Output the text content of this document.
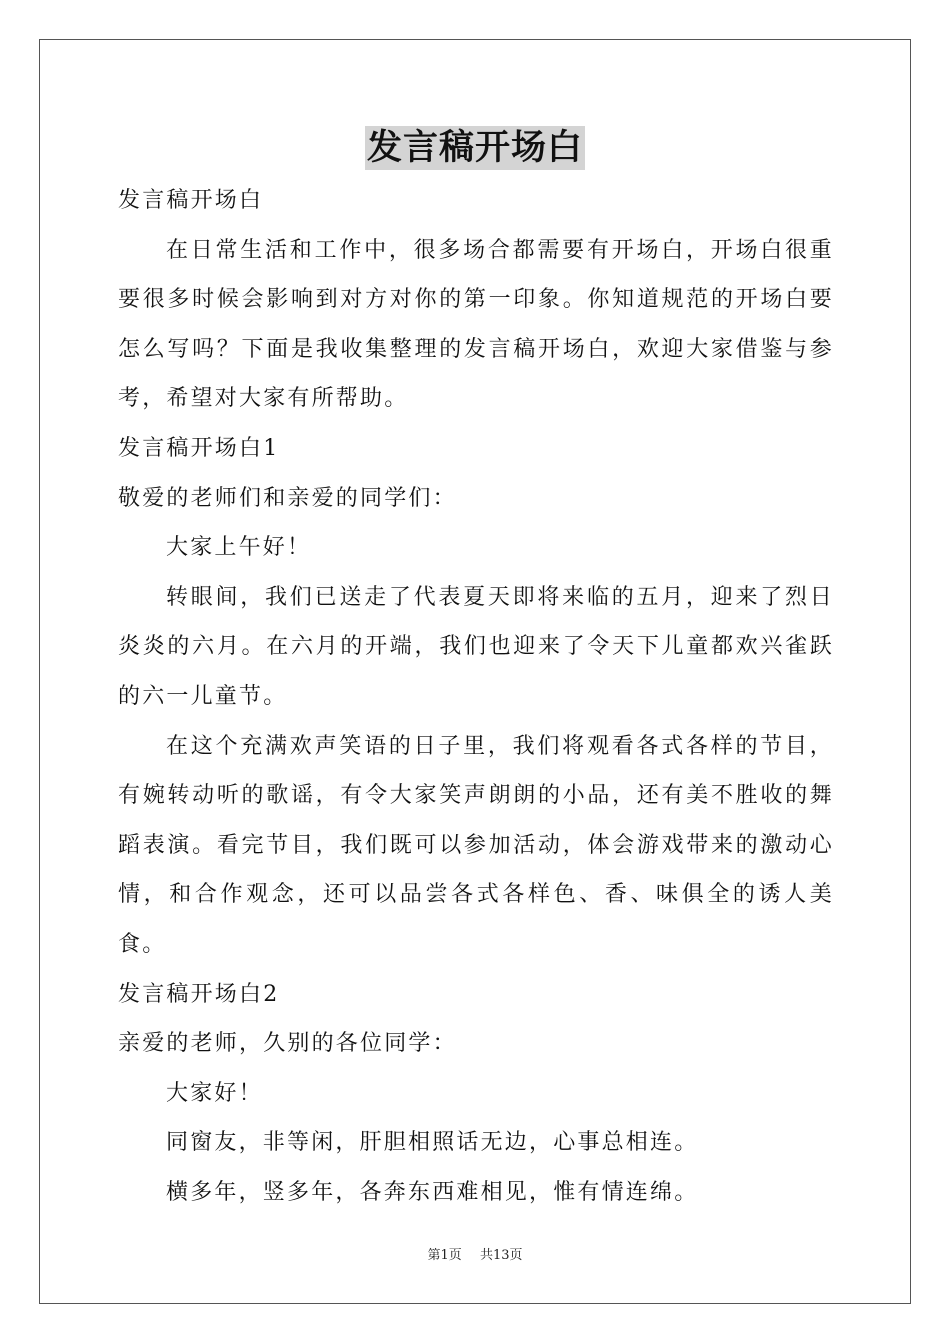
发言稿开场白

发言稿开场白

在日常生活和工作中，很多场合都需要有开场白，开场白很重要很多时候会影响到对方对你的第一印象。你知道规范的开场白要怎么写吗？下面是我收集整理的发言稿开场白，欢迎大家借鉴与参考，希望对大家有所帮助。

发言稿开场白1

敬爱的老师们和亲爱的同学们：

大家上午好！

转眼间，我们已送走了代表夏天即将来临的五月，迎来了烈日炎炎的六月。在六月的开端，我们也迎来了令天下儿童都欢兴雀跃的六一儿童节。

在这个充满欢声笑语的日子里，我们将观看各式各样的节目，有婉转动听的歌谣，有令大家笑声朗朗的小品，还有美不胜收的舞蹈表演。看完节目，我们既可以参加活动，体会游戏带来的激动心情，和合作观念，还可以品尝各式各样色、香、味俱全的诱人美食。

发言稿开场白2

亲爱的老师，久别的各位同学：

大家好！

同窗友，非等闲，肝胆相照话无边，心事总相连。

横多年，竖多年，各奔东西难相见，惟有情连绵。

第1页 共13页
